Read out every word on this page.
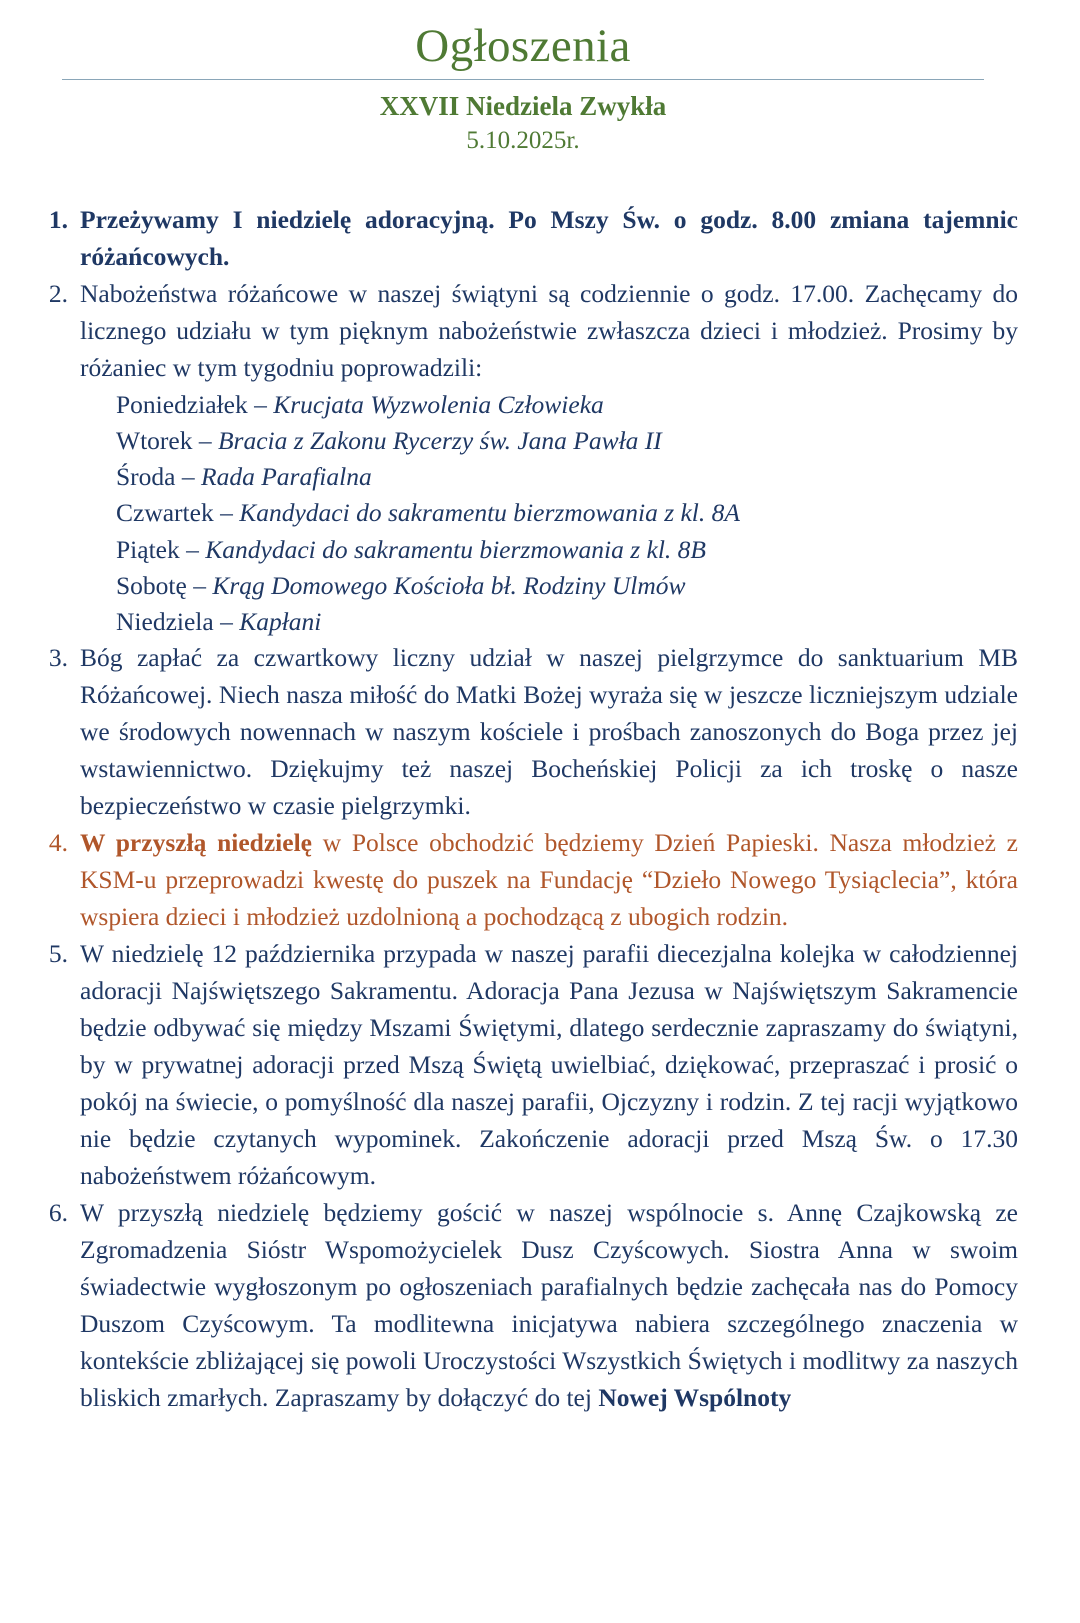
Ogłoszenia
XXVII Niedziela Zwykła
5.10.2025r.
1. Przeżywamy I niedzielę adoracyjną. Po Mszy Św. o godz. 8.00 zmiana tajemnic różańcowych.
2. Nabożeństwa różańcowe w naszej świątyni są codziennie o godz. 17.00. Zachęcamy do licznego udziału w tym pięknym nabożeństwie zwłaszcza dzieci i młodzież. Prosimy by różaniec w tym tygodniu poprowadzili:
Poniedziałek – Krucjata Wyzwolenia Człowieka
Wtorek – Bracia z Zakonu Rycerzy św. Jana Pawła II
Środa – Rada Parafialna
Czwartek – Kandydaci do sakramentu bierzmowania z kl. 8A
Piątek – Kandydaci do sakramentu bierzmowania z kl. 8B
Sobotę – Krąg Domowego Kościoła bł. Rodziny Ulmów
Niedziela – Kapłani
3. Bóg zapłać za czwartkowy liczny udział w naszej pielgrzymce do sanktuarium MB Różańcowej. Niech nasza miłość do Matki Bożej wyraża się w jeszcze liczniejszym udziale we środowych nowennach w naszym kościele i prośbach zanoszonych do Boga przez jej wstawiennictwo. Dziękujmy też naszej Bocheńskiej Policji za ich troskę o nasze bezpieczeństwo w czasie pielgrzymki.
4. W przyszłą niedzielę w Polsce obchodzić będziemy Dzień Papieski. Nasza młodzież z KSM-u przeprowadzi kwestę do puszek na Fundację “Dzieło Nowego Tysiąclecia”, która wspiera dzieci i młodzież uzdolnioną a pochodzącą z ubogich rodzin.
5. W niedzielę 12 października przypada w naszej parafii diecezjalna kolejka w całodziennej adoracji Najświętszego Sakramentu. Adoracja Pana Jezusa w Najświętszym Sakramencie będzie odbywać się między Mszami Świętymi, dlatego serdecznie zapraszamy do świątyni, by w prywatnej adoracji przed Mszą Świętą uwielbiać, dziękować, przepraszać i prosić o pokój na świecie, o pomyślność dla naszej parafii, Ojczyzny i rodzin. Z tej racji wyjątkowo nie będzie czytanych wypominek. Zakończenie adoracji przed Mszą Św. o 17.30 nabożeństwem różańcowym.
6. W przyszłą niedzielę będziemy gościć w naszej wspólnocie s. Annę Czajkowską ze Zgromadzenia Sióstr Wspomożycielek Dusz Czyścowych. Siostra Anna w swoim świadectwie wygłoszonym po ogłoszeniach parafialnych będzie zachęcała nas do Pomocy Duszom Czyścowym. Ta modlitewna inicjatywa nabiera szczególnego znaczenia w kontekście zbliżającej się powoli Uroczystości Wszystkich Świętych i modlitwy za naszych bliskich zmarłych. Zapraszamy by dołączyć do tej Nowej Wspólnoty
